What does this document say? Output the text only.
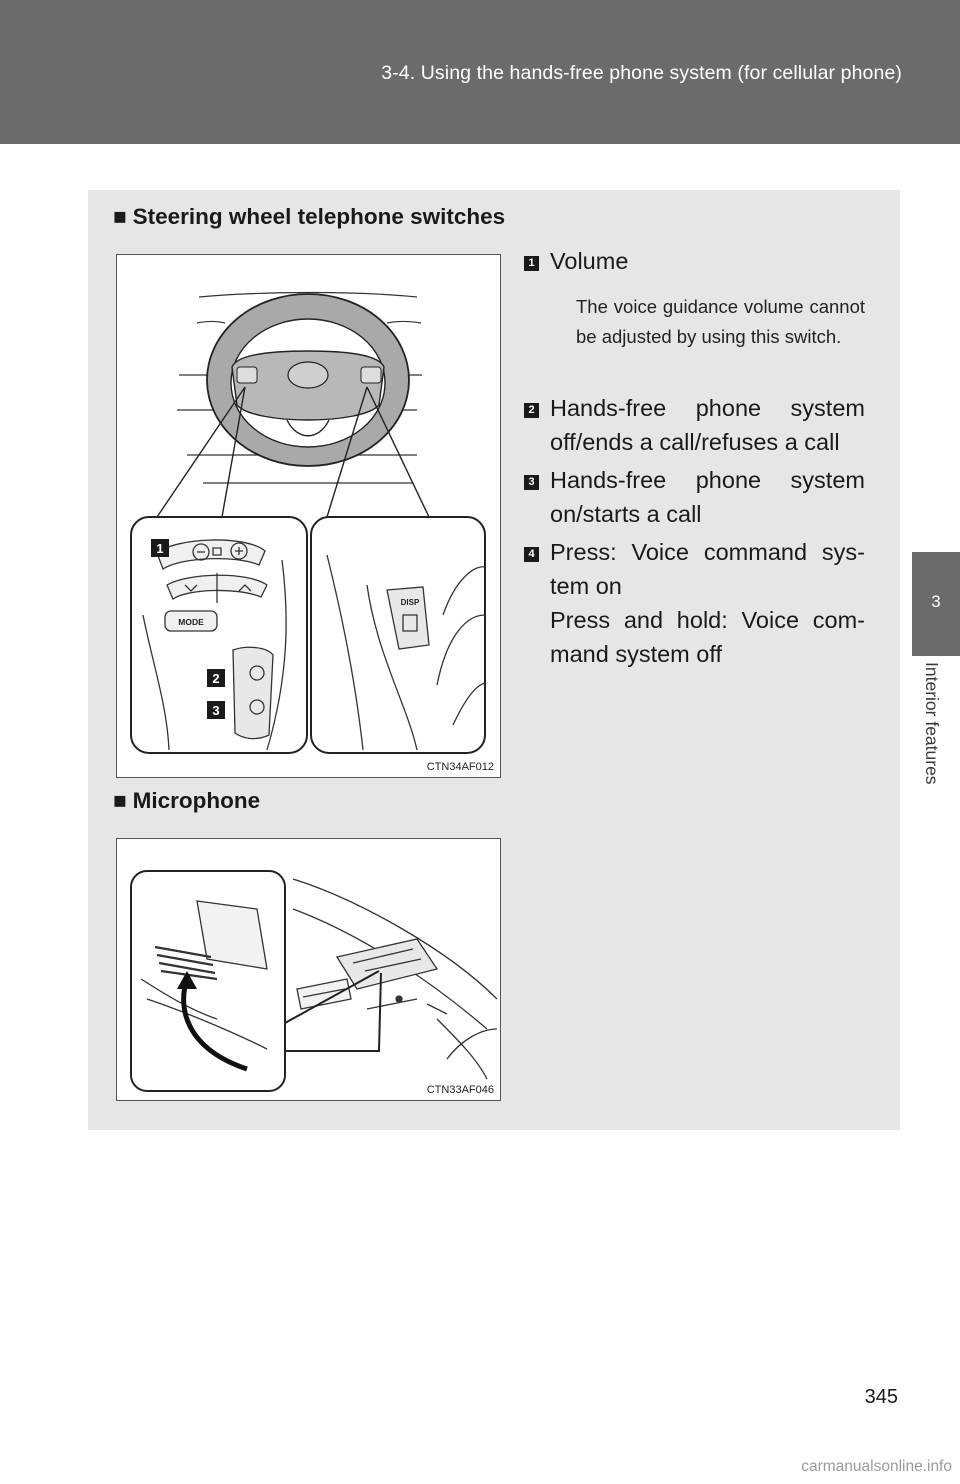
3-4. Using the hands-free phone system (for cellular phone)
3
Interior features
■ Steering wheel telephone switches
MODE
1
2
3
DISP
CTN34AF012
1 Volume
The voice guidance volume cannot be adjusted by using this switch.
2 Hands-free phone system off/ends a call/refuses a call
3 Hands-free phone system on/starts a call
4 Press: Voice command sys-tem on
Press and hold: Voice com-mand system off
■ Microphone
CTN33AF046
345
carmanualsonline.info
